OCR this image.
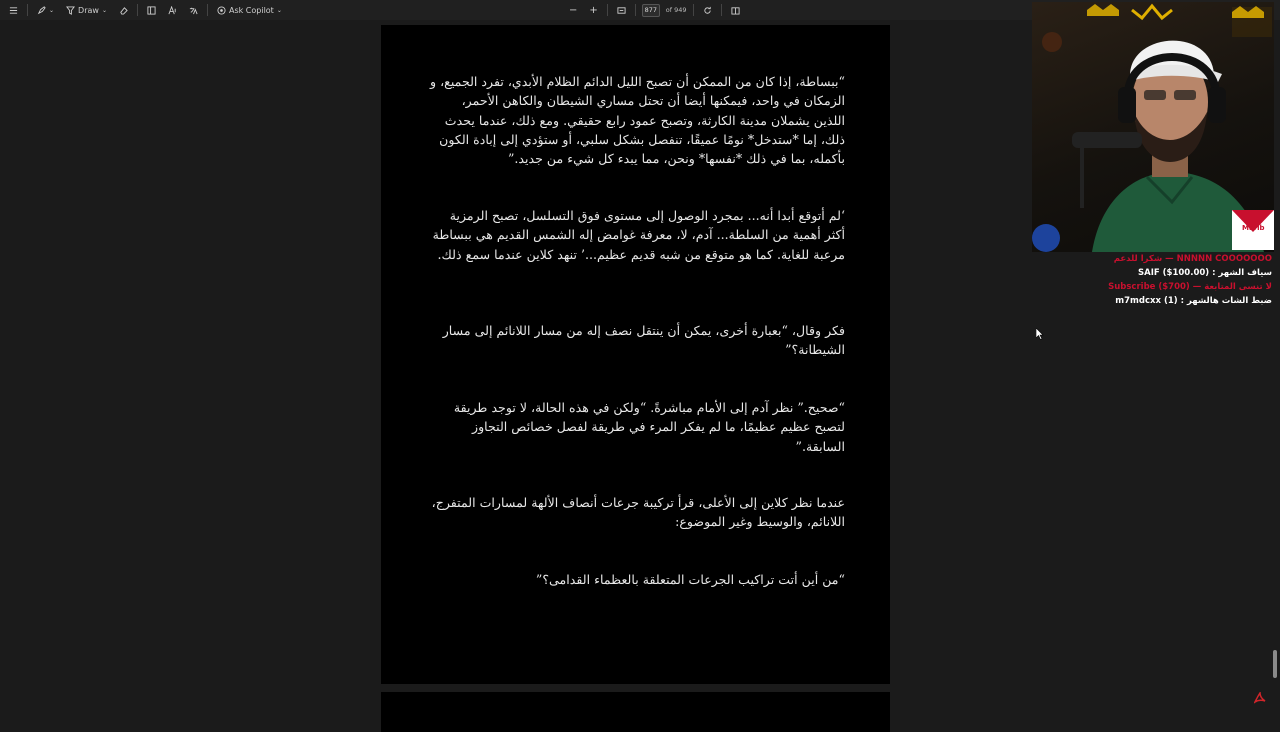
⌄	Draw ⌄	Ask Copilot ⌄	− +	877	of 949
“ببساطة، إذا كان من الممكن أن تصبح الليل الدائم الظلام الأبدي، تفرد الجميع، و الزمكان في واحد، فيمكنها أيضا أن تحتل مساري الشيطان والكاهن الأحمر، اللذين يشملان مدينة الكارثة، وتصبح عمود رابع حقيقي. ومع ذلك، عندما يحدث ذلك، إما *ستدخل* نومًا عميقًا، تنفصل بشكل سلبي، أو ستؤدي إلى إبادة الكون بأكمله، بما في ذلك *نفسها* ونحن، مما يبدء كل شيء من جديد.”
‘لم أتوقع أبدا أنه... بمجرد الوصول إلى مستوى فوق التسلسل، تصبح الرمزية أكثر أهمية من السلطة... آدم، لا، معرفة غوامض إله الشمس القديم هي ببساطة مرعبة للغاية. كما هو متوقع من شبه قديم عظيم...’ تنهد كلاين عندما سمع ذلك.
فكر وقال، “بعبارة أخرى، يمكن أن ينتقل نصف إله من مسار اللانائم إلى مسار الشيطانة؟”
“صحيح.” نظر آدم إلى الأمام مباشرةً. “ولكن في هذه الحالة، لا توجد طريقة لتصبح عظيم عظيمًا، ما لم يفكر المرء في طريقة لفصل خصائص التجاوز السابقة.”
عندما نظر كلاين إلى الأعلى، قرأ تركيبة جرعات أنصاف الألهة لمسارات المتفرج، اللانائم، والوسيط وغير الموضوع:
“من أين أتت تراكيب الجرعات المتعلقة بالعظماء القدامى؟”
Marlb
NNNNN COOOOOOO — شكرا للدعم
سياف الشهر : SAIF ($100.00)
لا تنسى المتابعة — Subscribe ($700)
ضبط الشات هالشهر : m7mdcxx (1)
